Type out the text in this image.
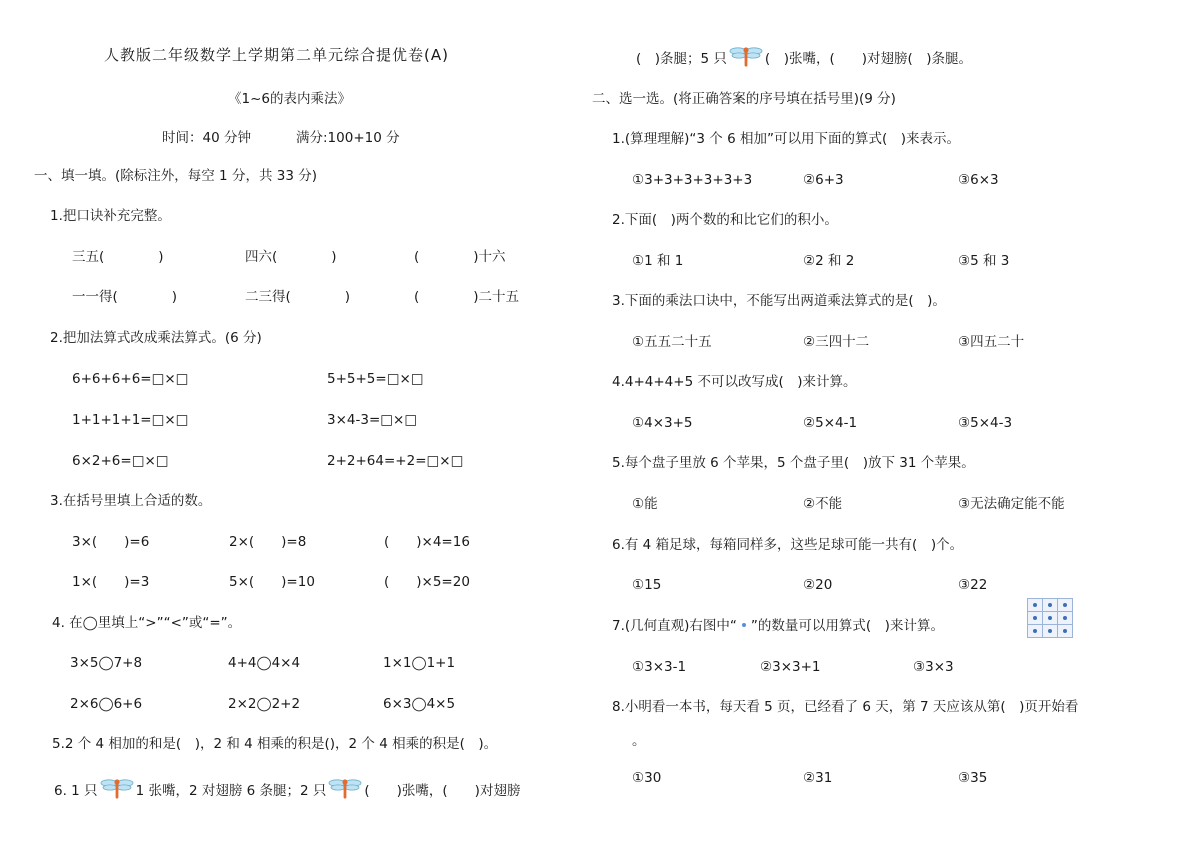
人教版二年级数学上学期第二单元综合提优卷(A)
《1~6的表内乘法》
时间：40 分钟	满分:100+10 分
一、填一填。(除标注外，每空 1 分，共 33 分)
1.把口诀补充完整。
三五(　　　　)	四六(　　　　)	(　　　　)十六
一一得(　　　　)	二三得(　　　　)	(　　　　)二十五
2.把加法算式改成乘法算式。(6 分)
6+6+6+6=□×□	5+5+5=□×□
1+1+1+1=□×□	3×4-3=□×□
6×2+6=□×□	2+2+64=+2=□×□
3.在括号里填上合适的数。
3×(　　)=6	2×(　　)=8	(　　)×4=16
1×(　　)=3	5×(　　)=10	(　　)×5=20
4. 在◯里填上“>”“<”或“=”。
3×5◯7+8	4+4◯4×4	1×1◯1+1
2×6◯6+6	2×2◯2+2	6×3◯4×5
5.2 个 4 相加的和是(　)，2 和 4 相乘的积是()，2 个 4 相乘的积是(　)。
6. 1 只	1 张嘴，2 对翅膀 6 条腿；2 只	(　　)张嘴，(　　)对翅膀
(　)条腿；5 只	(　)张嘴，(　　)对翅膀(　)条腿。
二、选一选。(将正确答案的序号填在括号里)(9 分)
1.(算理理解)“3 个 6 相加”可以用下面的算式(　)来表示。
①3+3+3+3+3+3	②6+3	③6×3
2.下面(　)两个数的和比它们的积小。
①1 和 1	②2 和 2	③5 和 3
3.下面的乘法口诀中，不能写出两道乘法算式的是(　)。
①五五二十五	②三四十二	③四五二十
4.4+4+4+5 不可以改写成(　)来计算。
①4×3+5	②5×4-1	③5×4-3
5.每个盘子里放 6 个苹果，5 个盘子里(　)放下 31 个苹果。
①能	②不能	③无法确定能不能
6.有 4 箱足球，每箱同样多，这些足球可能一共有(　)个。
①15	②20	③22
7.(几何直观)右图中“ ”的数量可以用算式(　)来计算。
①3×3-1	②3×3+1	③3×3
8.小明看一本书，每天看 5 页，已经看了 6 天，第 7 天应该从第(　)页开始看
。
①30	②31	③35
